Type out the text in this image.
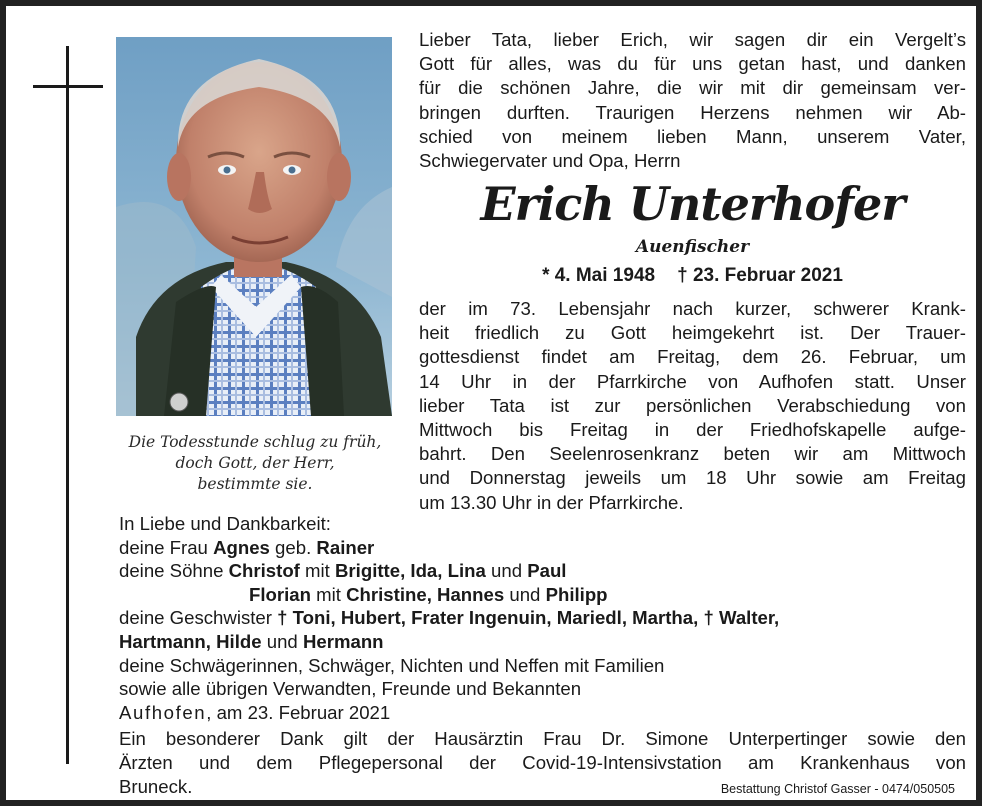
Die Todesstunde schlug zu früh,
doch Gott, der Herr,
bestimmte sie.
Lieber Tata, lieber Erich, wir sagen dir ein Vergelt’s
Gott für alles, was du für uns getan hast, und danken
für die schönen Jahre, die wir mit dir gemeinsam ver-
bringen durften. Traurigen Herzens nehmen wir Ab-
schied von meinem lieben Mann, unserem Vater,
Schwiegervater und Opa, Herrn
Erich Unterhofer
Auenfischer
* 4. Mai 1948 † 23. Februar 2021
der im 73. Lebensjahr nach kurzer, schwerer Krank-
heit friedlich zu Gott heimgekehrt ist. Der Trauer-
gottesdienst findet am Freitag, dem 26. Februar, um
14 Uhr in der Pfarrkirche von Aufhofen statt. Unser
lieber Tata ist zur persönlichen Verabschiedung von
Mittwoch bis Freitag in der Friedhofskapelle aufge-
bahrt. Den Seelenrosenkranz beten wir am Mittwoch
und Donnerstag jeweils um 18 Uhr sowie am Freitag
um 13.30 Uhr in der Pfarrkirche.
In Liebe und Dankbarkeit:
deine Frau Agnes geb. Rainer
deine Söhne Christof mit Brigitte, Ida, Lina und Paul
Florian mit Christine, Hannes und Philipp
deine Geschwister † Toni, Hubert, Frater Ingenuin, Mariedl, Martha, † Walter,
Hartmann, Hilde und Hermann
deine Schwägerinnen, Schwäger, Nichten und Neffen mit Familien
sowie alle übrigen Verwandten, Freunde und Bekannten
Aufhofen, am 23. Februar 2021
Ein besonderer Dank gilt der Hausärztin Frau Dr. Simone Unterpertinger sowie den
Ärzten und dem Pflegepersonal der Covid-19-Intensivstation am Krankenhaus von
Bruneck.	Bestattung Christof Gasser - 0474/050505
